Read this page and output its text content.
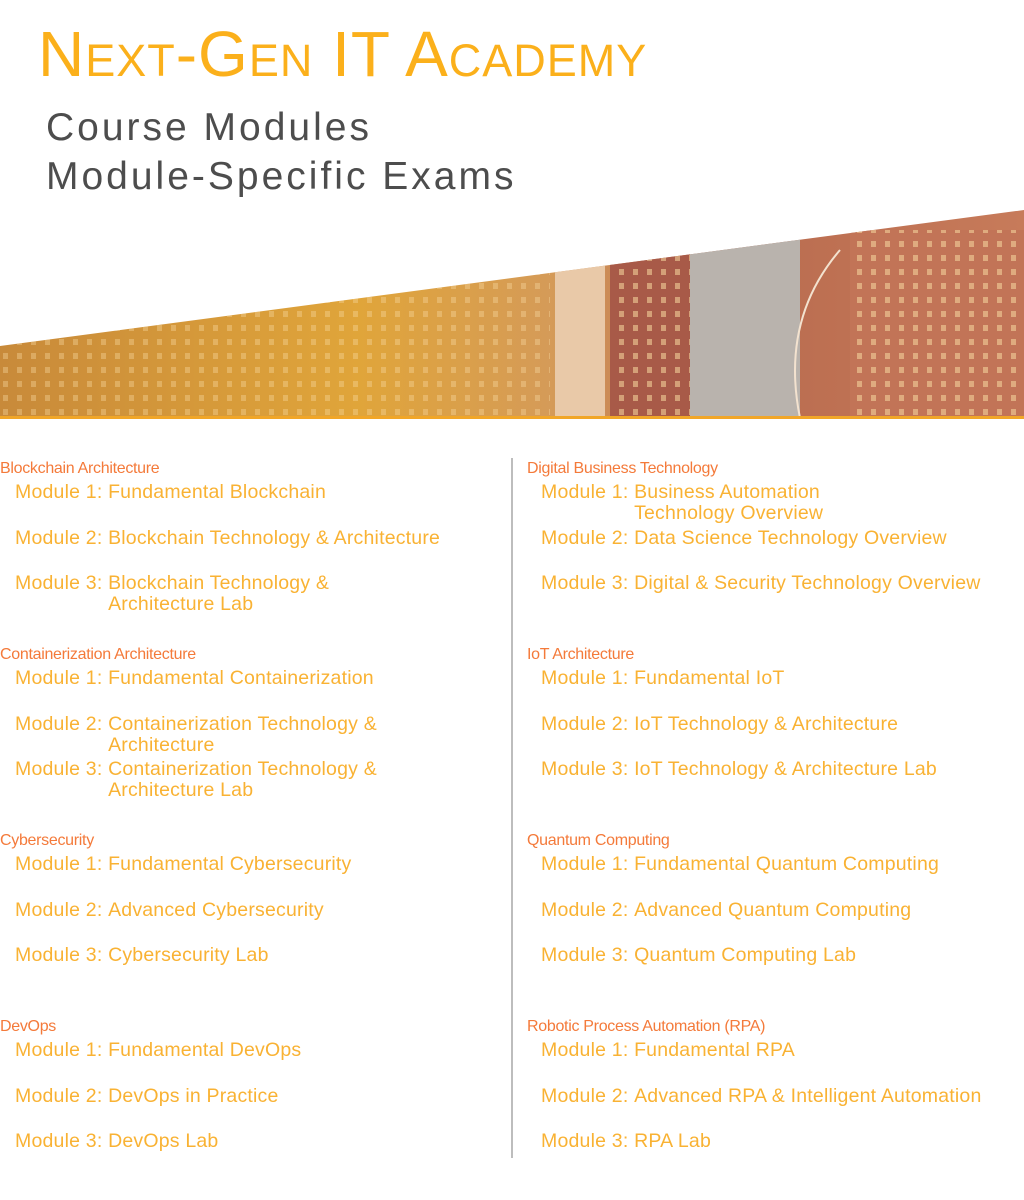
Next-Gen IT Academy
Course Modules
Module-Specific Exams
Blockchain Architecture
Module 1: Fundamental Blockchain
Module 2: Blockchain Technology & Architecture
Module 3: Blockchain Technology &
Architecture Lab
Containerization Architecture
Module 1: Fundamental Containerization
Module 2: Containerization Technology &
Architecture
Module 3: Containerization Technology &
Architecture Lab
Cybersecurity
Module 1: Fundamental Cybersecurity
Module 2: Advanced Cybersecurity
Module 3: Cybersecurity Lab
DevOps
Module 1: Fundamental DevOps
Module 2: DevOps in Practice
Module 3: DevOps Lab
Digital Business Technology
Module 1: Business Automation
Technology Overview
Module 2: Data Science Technology Overview
Module 3: Digital & Security Technology Overview
IoT Architecture
Module 1: Fundamental IoT
Module 2: IoT Technology & Architecture
Module 3: IoT Technology & Architecture Lab
Quantum Computing
Module 1: Fundamental Quantum Computing
Module 2: Advanced Quantum Computing
Module 3: Quantum Computing Lab
Robotic Process Automation (RPA)
Module 1: Fundamental RPA
Module 2: Advanced RPA & Intelligent Automation
Module 3: RPA Lab
